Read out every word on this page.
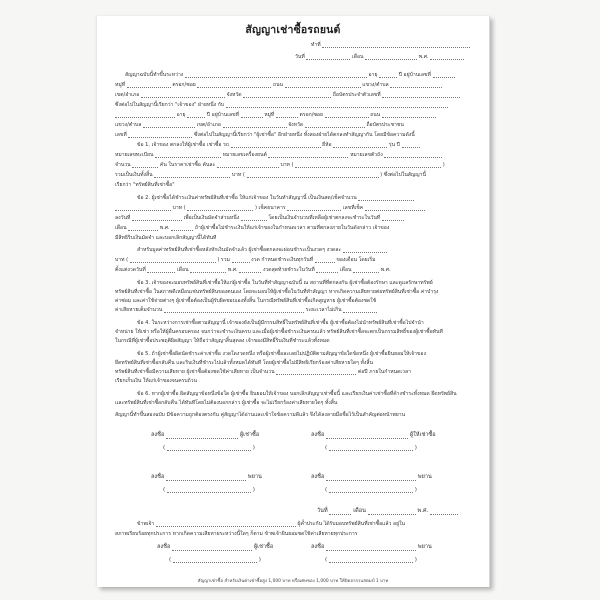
สัญญาเช่าซื้อรถยนต์
ทำที่
วันที่	เดือน	พ.ศ.
สัญญาฉบับนี้ทำขึ้นระหว่าง	อายุ	ปี อยู่บ้านเลขที่
หมู่ที่	ตรอก/ซอย	ถนน	แขวง/ตำบล
เขต/อำเภอ	จังหวัด	ถือบัตรประจำตัวเลขที่
ซึ่งต่อไปในสัญญานี้เรียกว่า "เจ้าของ" ฝ่ายหนึ่ง กับ
อายุ	ปี อยู่บ้านเลขที่	หมู่ที่	ตรอก/ซอย	ถนน
แขวง/ตำบล	เขต/อำเภอ	จังหวัด	ถือบัตรประชาชน
เลขที่	ซึ่งต่อไปในสัญญานี้เรียกว่า "ผู้เช่าซื้อ" อีกฝ่ายหนึ่ง ทั้งสองฝ่ายได้ตกลงทำสัญญากัน โดยมีข้อความดังนี้
ข้อ 1. เจ้าของ ตกลงให้ผู้เช่าซื้อ เช่าซื้อ รถ	ยี่ห้อ	รุ่น ปี
หมายเลขทะเบียน	หมายเลขเครื่องยนต์	หมายเลขตัวถัง
จำนวน	คัน ในราคาเช่าซื้อ คันละ	บาท (	)
รวมเป็นเงินทั้งสิ้น	บาท (	) ซึ่งต่อไปในสัญญานี้
เรียกว่า "ทรัพย์สินที่เช่าซื้อ"
ข้อ 2. ผู้เช่าซื้อได้ชำระเงินค่าทรัพย์สินที่เช่าซื้อ ให้แก่เจ้าของ ในวันทำสัญญานี้ เป็นเงินสด/เช็คจำนวน
บาท (	) เช็คธนาคาร	เลขที่เช็ค
ลงวันที่	เพื่อเป็นเงินมัดจำส่วนหนึ่ง	โดยเป็นเงินจำนวนที่เหลือผู้เช่าตกลงจะชำระในวันที่
เดือน	พ.ศ.	ถ้าผู้เช่าซื้อไม่ชำระเงินให้แก่เจ้าของในกำหนดเวลา ตามที่ตกลงภายในวันดังกล่าว เจ้าของ
มีสิทธิริบเงินมัดจำ และบอกเลิกสัญญานี้ได้ทันที
สำหรับมูลค่าทรัพย์สินที่เช่าซื้อหลังหักเงินมัดจำแล้ว ผู้เช่าซื้อตกลงจะผ่อนชำระเป็นงวดๆ งวดละ
บาท (	) รวม	งวด กำหนดชำระเงินทุกวันที่	ของเดือน โดยเริ่ม
ตั้งแต่งวดวันที่	เดือน	พ.ศ.	งวดสุดท้ายชำระในวันที่	เดือน	พ.ศ.
ข้อ 3. เจ้าของจะมอบทรัพย์สินที่เช่าซื้อให้แก่ผู้เช่าซื้อ ในวันที่ทำสัญญาฉบับนี้ ณ สถานที่ที่ตกลงกัน ผู้เช่าซื้อต้องรักษา และดูแลรักษาทรัพย์
ทรัพย์สินที่เช่าซื้อ ในสภาพดีเหมือนเช่นทรัพย์สินของตนเอง โดยจะมอบให้ผู้เช่าซื้อในวันที่ทำสัญญา หากเกิดความเสียหายต่อทรัพย์สินที่เช่าซื้อ ค่าบำรุง
ค่าซ่อม และค่าใช้จ่ายต่างๆ ผู้เช่าซื้อต้องเป็นผู้รับผิดชอบเองทั้งสิ้น ในกรณีทรัพย์สินที่เช่าซื้อเกิดสูญหาย ผู้เช่าซื้อต้องชดใช้
ค่าเสียหายเต็มจำนวน	ระยะเวลาไม่เกิน
ข้อ 4. ในระหว่างการเช่าซื้อตามสัญญานี้ เจ้าของยังเป็นผู้มีกรรมสิทธิ์ในทรัพย์สินที่เช่าซื้อ ผู้เช่าซื้อต้องไม่นำทรัพย์สินที่เช่าซื้อไปจำนำ
จำหน่าย ให้เช่า หรือให้ผู้อื่นครอบครอง จนกว่าจะชำระเงินครบ และเมื่อผู้เช่าซื้อชำระเงินครบแล้ว ทรัพย์สินที่เช่าซื้อจะตกเป็นกรรมสิทธิ์ของผู้เช่าซื้อทันที
ในกรณีที่ผู้เช่าซื้อประพฤติผิดสัญญา ให้ถือว่าสัญญาสิ้นสุดลง เจ้าของมีสิทธิ์ริบเงินที่ชำระแล้วทั้งหมด
ข้อ 5. ถ้าผู้เช่าซื้อผิดนัดชำระค่าเช่าซื้อ งวดใดงวดหนึ่ง หรือผู้เช่าซื้อละเลยไม่ปฏิบัติตามสัญญาข้อใดข้อหนึ่ง ผู้เช่าซื้อยินยอมให้เจ้าของ
ยึดทรัพย์สินที่เช่าซื้อกลับคืน และริบเงินที่ชำระไปแล้วทั้งหมดได้ทันที โดยผู้เช่าซื้อไม่มีสิทธิเรียกร้องค่าเสียหายใดๆ ทั้งสิ้น
ทรัพย์สินที่เช่าซื้อมีความเสียหาย ผู้เช่าซื้อต้องชดใช้ค่าเสียหาย เป็นจำนวน	ต่อปี ภายในกำหนดเวลา
เรียกเก็บเงิน ให้แก่เจ้าของจนครบถ้วน
ข้อ 6. หากผู้เช่าซื้อ ผิดสัญญาข้อหนึ่งข้อใด ผู้เช่าซื้อ ยินยอมให้เจ้าของ บอกเลิกสัญญาเช่าซื้อนี้ และเรียกเงินค่าเช่าซื้อที่ค้างชำระทั้งหมด ยึดทรัพย์สิน
และทรัพย์สินที่เช่าซื้อกลับคืน ได้ทันทีโดยไม่ต้องบอกกล่าว ผู้เช่าซื้อ จะไม่เรียกร้องค่าเสียหายใดๆ ทั้งสิ้น
สัญญานี้ทำขึ้นสองฉบับ มีข้อความถูกต้องตรงกัน คู่สัญญาได้อ่านและเข้าใจข้อความดีแล้ว จึงได้ลงลายมือชื่อไว้เป็นสำคัญต่อหน้าพยาน
ลงชื่อ	ผู้เช่าซื้อ	ลงชื่อ	ผู้ให้เช่าซื้อ
(	)	(	)
ลงชื่อ	พยาน	ลงชื่อ	พยาน
(	)	(	)
วันที่	เดือน	พ.ศ.
ข้าพเจ้า	ผู้ค้ำประกัน ได้รับมอบทรัพย์สินที่เช่าซื้อแล้ว อยู่ใน
สภาพเรียบร้อยทุกประการ หากเกิดความเสียหายระหว่างนี้ใดๆ ก็ตาม ข้าพเจ้ายินยอมชดใช้ค่าเสียหายทุกประการ
ลงชื่อ	ผู้เช่าซื้อ	ลงชื่อ	พยาน
(	)	(	)
สัญญาเช่าซื้อ สำหรับเงินค่าเช่าซื้อสูง 1,000 บาท หรือเศษของ 1,000 บาท ให้ปิดอากรแสตมป์ 1 บาท
